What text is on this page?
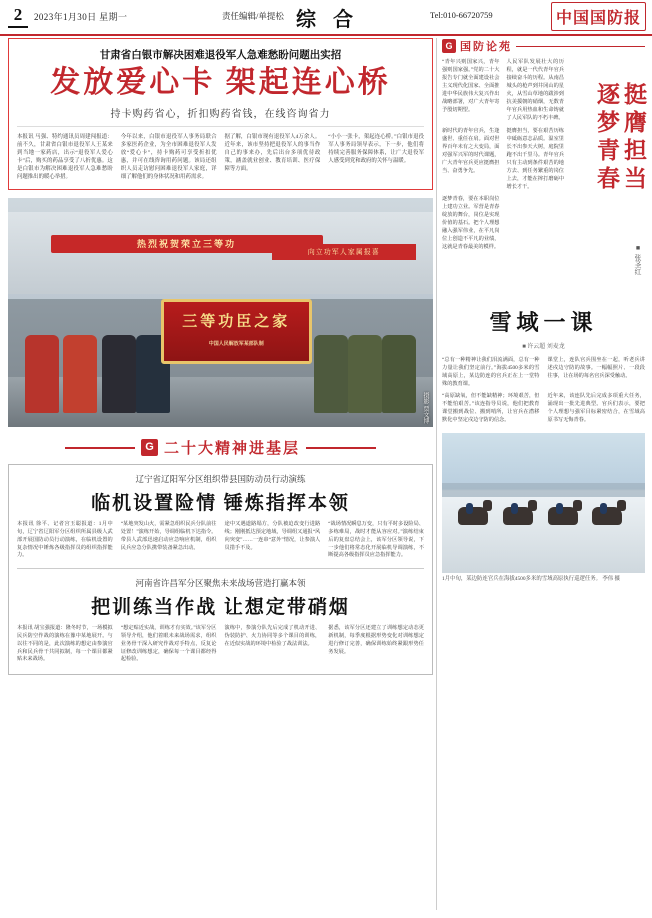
2	2023年1月30日 星期一	责任编辑/单提松 综 合	Tel:010-66720759	中国国防报
甘肃省白银市解决困难退役军人急难愁盼问题出实招
发放爱心卡 架起连心桥
持卡购药省心，折扣购药省钱，在线咨询省力
本报讯 马强、特约通讯员周建闯报道：前不久，甘肃省白银市退役军人王某来到当地一家药店，出示“退役军人爱心卡”后，购买的药品享受了八折优惠。这是白银市为解决困难退役军人急难愁盼问题推出的暖心举措。
今年以来，白银市退役军人事务局联合多家医药企业，为全市困难退役军人发放“爱心卡”，持卡购药可享受折扣优惠，并可在线咨询用药问题。该局还组织人员走访慰问困难退役军人家庭，详细了解他们的身体状况和用药需求。
据了解，白银市现有退役军人4万余人。近年来，该市坚持把退役军人的事当作自己的事来办，先后出台多项优待政策，涵盖就业创业、教育培训、医疗保障等方面。
“小小一张卡，架起连心桥。”白银市退役军人事务局领导表示，下一步，他们将持续完善服务保障体系，让广大退役军人感受到党和政府的关怀与温暖。
热烈祝贺荣立三等功
向立功军人家属报喜
三等功臣之家
中国人民解放军某部队制
摄影 贾文博
G 二十大精神进基层
辽宁省辽阳军分区组织带县国防动员行动演练
临机设置险情 锤炼指挥本领
本报讯 徐平、记者宫玉聪报道：1月中旬，辽宁省辽阳军分区组织所属县级人武部开展国防动员行动演练，在临机设置的复杂情况中锤炼各级指挥员的组织指挥能力。
“某地突发山火，需紧急组织民兵分队前往处置！”演练开始，导调组临机下达指令。带县人武部迅速启动应急响应机制，组织民兵应急分队携带装备紧急出动。
途中又遇道路塌方，分队被迫改变行进路线；刚刚抵达预定地域，导调组又通报“风向突变”……一连串“意外”情况，让参演人员措手不及。
“战场情况瞬息万变，只有平时多设险局、多练难局，战时才能从容应对。”演练结束后的复盘总结会上，该军分区领导说，下一步他们将常态化开展临机导调演练，不断提高各级指挥员应急指挥能力。
河南省许昌军分区聚焦未来战场营造打赢本领
把训练当作战 让想定带硝烟
本报讯 胡宝强报道：隆冬时节，一场模拟民兵防空作战的演练在豫中某地展开。与以往不同的是，此次演练的想定由参演官兵和民兵骨干共同拟制，每一个课目都紧贴未来战场。
“想定贴近实战，训练才有实效。”该军分区领导介绍，他们着眼未来战场需求，组织业务骨干深入研究作战对手特点，反复论证修改训练想定，确保每一个课目都经得起检验。
演练中，参演分队先后完成了机动开进、伪装防护、火力协同等多个课目的训练，在近似实战的环境中检验了战法训法。
据悉，该军分区还建立了训练想定动态更新机制，每季度根据形势变化对训练想定进行修订完善，确保训练始终紧跟形势任务发展。
G 国防论苑
挺膺担当
逐梦青春
■ 张圣红
“青年兴则国家兴，青年强则国家强。”党的二十大报告专门就全面建设社会主义现代化国家、全面推进中华民族伟大复兴作出战略部署，对广大青年寄予殷切期望。
人民军队发展壮大的历程，就是一代代青年官兵接续奋斗的历程。从南昌城头的枪声到井冈山的星火，从雪山草地的跋涉到抗美援朝的硝烟，无数青年官兵用热血和生命铸就了人民军队的不朽丰碑。
新时代的青年官兵，生逢盛世、重任在肩。面对世界百年未有之大变局，面对强军兴军的时代课题，广大青年官兵更应挺膺担当、奋勇争先。
挺膺担当，要在艰苦历练中砥砺意志品质。温室里长不出参天大树，庭院里跑不出千里马。青年官兵只有主动到条件艰苦的地方去、到任务繁重的岗位上去，才能在摔打磨砺中增长才干。
逐梦青春，要在本职岗位上建功立业。军营是青春绽放的舞台，岗位是实现价值的基石。把个人理想融入强军伟业，在平凡岗位上创造不平凡的业绩，这就是青春最美的模样。
雪域一课
■ 许云超 刘麦龙
“总有一种精神让我们泪流满面，总有一种力量让我们坚定前行。”海拔4500多米的雪域高原上，某边防连的官兵正在上一堂特殊的教育课。
课堂上，连队官兵围坐在一起，听老兵讲述戍边守防的故事。一幅幅照片、一段段往事，让在场的每名官兵深受触动。
“高原缺氧，但不能缺精神；环境艰苦，但不能怕艰苦。”该连指导员说，他们把教育课堂搬到战位、搬到哨所，让官兵在潜移默化中坚定戍边守防的信念。
近年来，该连队先后完成多项重大任务，涌现出一批先进典型。官兵们表示，要把个人理想与强军目标紧密结合，在雪域高原书写无悔青春。
1月中旬，某边防连官兵在海拔4500多米的雪域高原执行巡逻任务。 李伟 摄
